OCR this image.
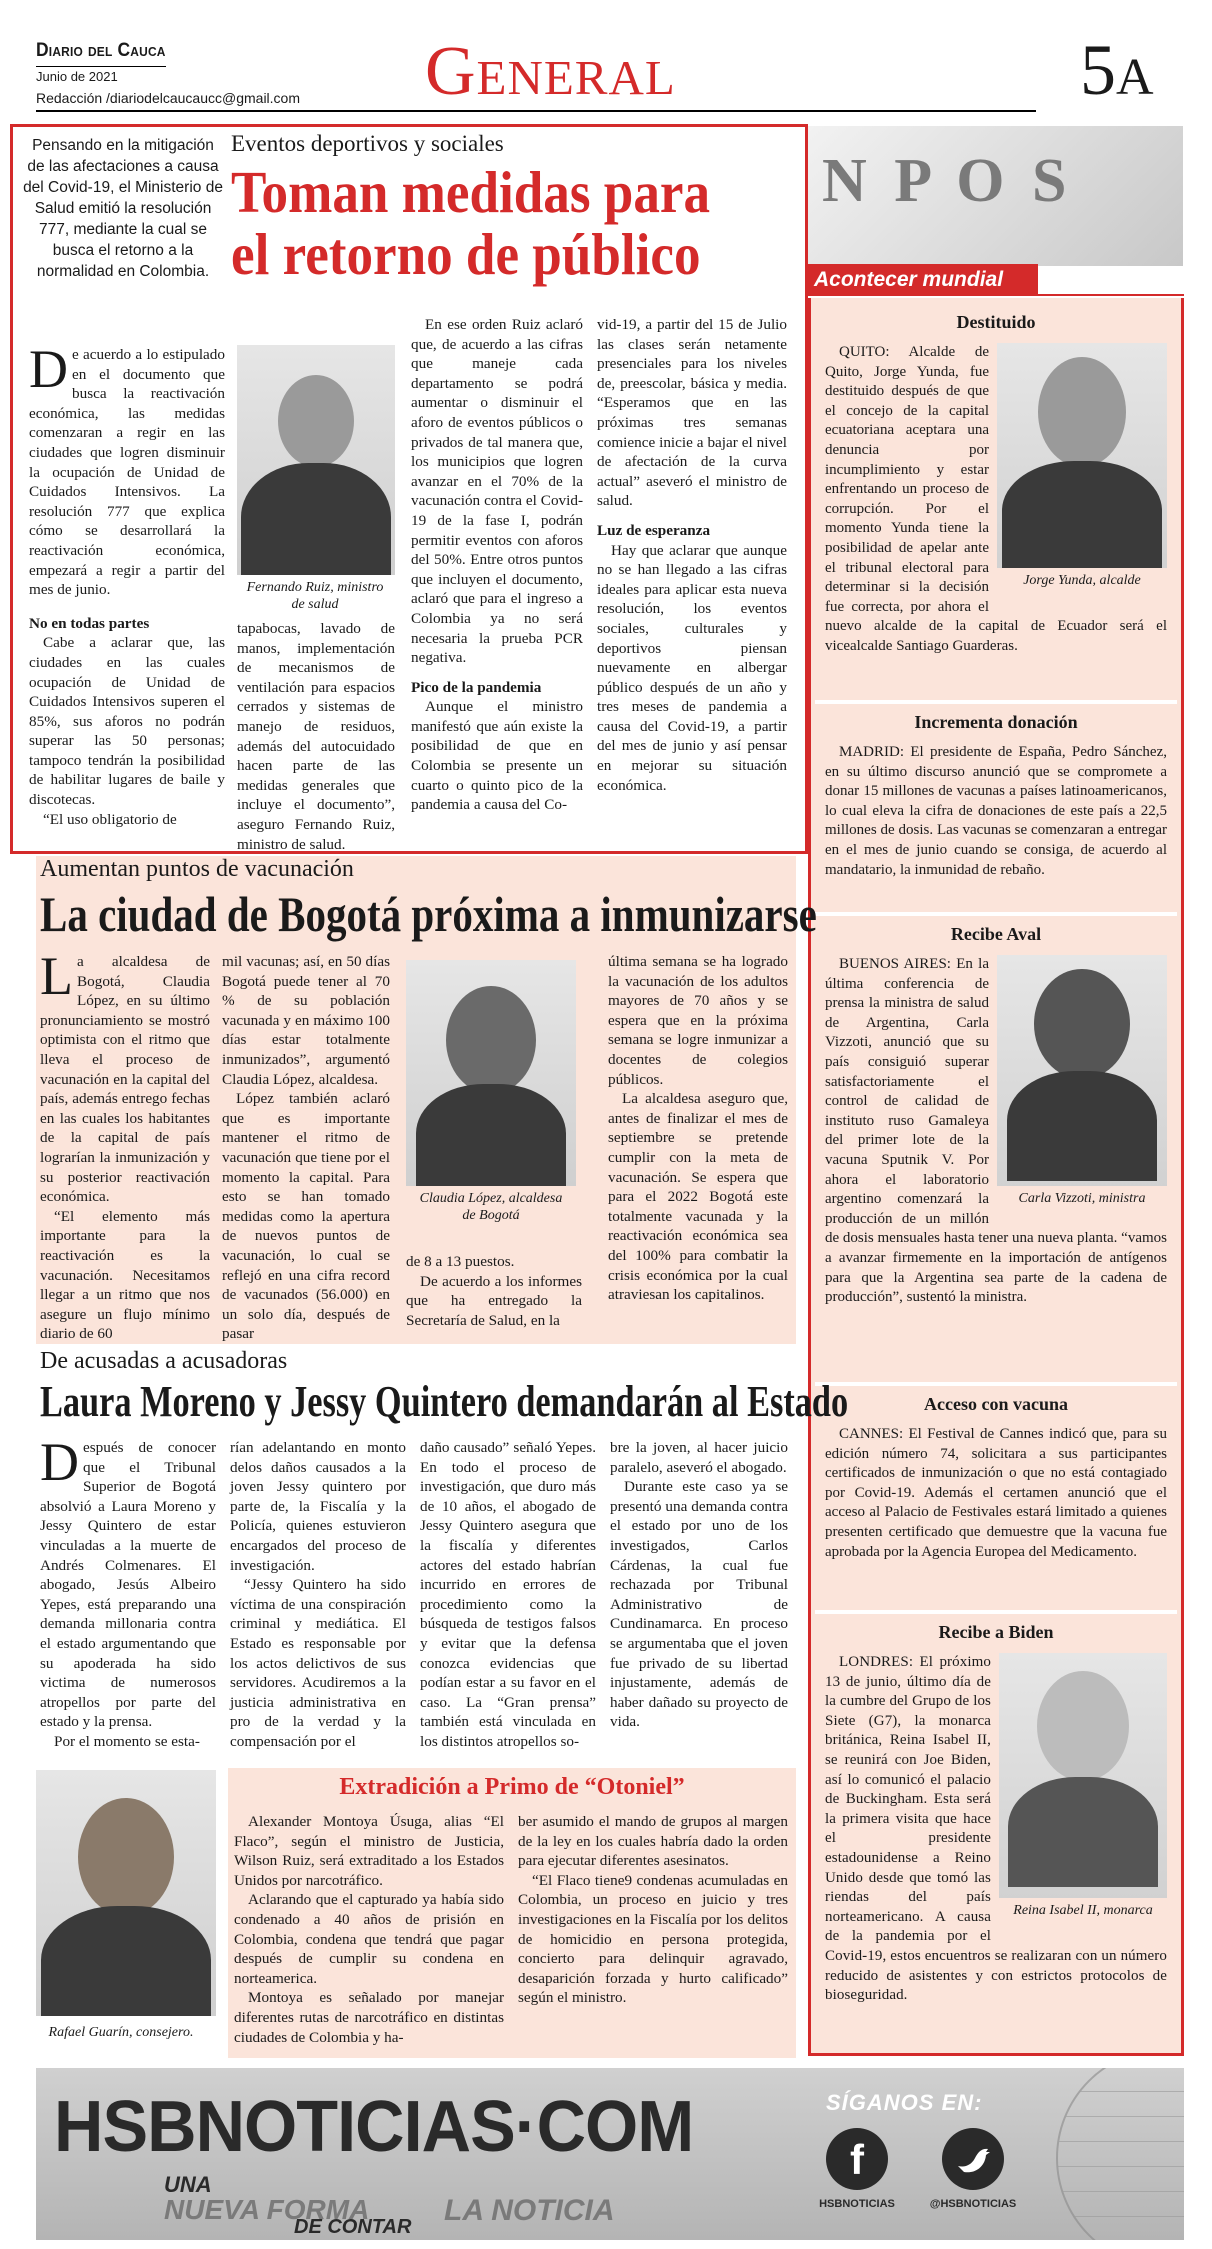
Diario del Cauca
Junio de 2021
Redacción /diariodelcaucaucc@gmail.com General	5A

Pensando en la mitigación de las afectaciones a causa del Covid-19, el Ministerio de Salud emitió la resolución 777, mediante la cual se busca el retorno a la normalidad en Colombia.

Eventos deportivos y sociales
Toman medidas para el retorno de público

De acuerdo a lo estipulado en el documento que busca la reactivación económica, las medidas comenzaran a regir en las ciudades que logren disminuir la ocupación de Unidad de Cuidados Intensivos. La resolución 777 que explica cómo se desarrollará la reactivación económica, empezará a regir a partir del mes de junio.

No en todas partes

Cabe a aclarar que, las ciudades en las cuales ocupación de Unidad de Cuidados Intensivos superen el 85%, sus aforos no podrán superar las 50 personas; tampoco tendrán la posibilidad de habilitar lugares de baile y discotecas.

“El uso obligatorio de

Fernando Ruiz, ministro de salud

tapabocas, lavado de manos, implementación de mecanismos de ventilación para espacios cerrados y sistemas de manejo de residuos, además del autocuidado hacen parte de las medidas generales que incluye el documento”, aseguro Fernando Ruiz, ministro de salud.

En ese orden Ruiz aclaró que, de acuerdo a las cifras que maneje cada departamento se podrá aumentar o disminuir el aforo de eventos públicos o privados de tal manera que, los municipios que logren avanzar en el 70% de la vacunación contra el Covid-19 de la fase I, podrán permitir eventos con aforos del 50%. Entre otros puntos que incluyen el documento, aclaró que para el ingreso a Colombia ya no será necesaria la prueba PCR negativa.

Pico de la pandemia

Aunque el ministro manifestó que aún existe la posibilidad de que en Colombia se presente un cuarto o quinto pico de la pandemia a causa del Co-

vid-19, a partir del 15 de Julio las clases serán netamente presenciales para los niveles de, preescolar, básica y media. “Esperamos que en las próximas tres semanas comience inicie a bajar el nivel de afectación de la curva actual” aseveró el ministro de salud.

Luz de esperanza

Hay que aclarar que aunque no se han llegado a las cifras ideales para aplicar esta nueva resolución, los eventos sociales, culturales y deportivos piensan nuevamente en albergar público después de un año y tres meses de pandemia a causa del Covid-19, a partir del mes de junio y así pensar en mejorar su situación económica.

N P O S
Acontecer mundial
Destituido
Jorge Yunda, alcalde

QUITO: Alcalde de Quito, Jorge Yunda, fue destituido después de que el concejo de la capital ecuatoriana aceptara una denuncia por incumplimiento y estar enfrentando un proceso de corrupción. Por el momento Yunda tiene la posibilidad de apelar ante el tribunal electoral para determinar si la decisión fue correcta, por ahora el nuevo alcalde de la capital de Ecuador será el vicealcalde Santiago Guarderas.

Incrementa donación

MADRID: El presidente de España, Pedro Sánchez, en su último discurso anunció que se compromete a donar 15 millones de vacunas a países latinoamericanos, lo cual eleva la cifra de donaciones de este país a 22,5 millones de dosis. Las vacunas se comenzaran a entregar en el mes de junio cuando se consiga, de acuerdo al mandatario, la inmunidad de rebaño.

Recibe Aval
Carla Vizzoti, ministra

BUENOS AIRES: En la última conferencia de prensa la ministra de salud de Argentina, Carla Vizzoti, anunció que su país consiguió superar satisfactoriamente el control de calidad de instituto ruso Gamaleya del primer lote de la vacuna Sputnik V. Por ahora el laboratorio argentino comenzará la producción de un millón de dosis mensuales hasta tener una nueva planta. “vamos a avanzar firmemente en la importación de antígenos para que la Argentina sea parte de la cadena de producción”, sustentó la ministra.

Acceso con vacuna

CANNES: El Festival de Cannes indicó que, para su edición número 74, solicitara a sus participantes certificados de inmunización o que no está contagiado por Covid-19. Además el certamen anunció que el acceso al Palacio de Festivales estará limitado a quienes presenten certificado que demuestre que la vacuna fue aprobada por la Agencia Europea del Medicamento.

Recibe a Biden
Reina Isabel II, monarca

LONDRES: El próximo 13 de junio, último día de la cumbre del Grupo de los Siete (G7), la monarca británica, Reina Isabel II, se reunirá con Joe Biden, así lo comunicó el palacio de Buckingham. Esta será la primera visita que hace el presidente estadounidense a Reino Unido desde que tomó las riendas del país norteamericano. A causa de la pandemia por el Covid-19, estos encuentros se realizaran con un número reducido de asistentes y con estrictos protocolos de bioseguridad.

Aumentan puntos de vacunación
La ciudad de Bogotá próxima a inmunizarse

La alcaldesa de Bogotá, Claudia López, en su último pronunciamiento se mostró optimista con el ritmo que lleva el proceso de vacunación en la capital del país, además entrego fechas en las cuales los habitantes de la capital de país lograrían la inmunización y su posterior reactivación económica.

“El elemento más importante para la reactivación es la vacunación. Necesitamos llegar a un ritmo que nos asegure un flujo mínimo diario de 60

mil vacunas; así, en 50 días Bogotá puede tener al 70 % de su población vacunada y en máximo 100 días estar totalmente inmunizados”, argumentó Claudia López, alcaldesa.

López también aclaró que es importante mantener el ritmo de vacunación que tiene por el momento la capital. Para esto se han tomado medidas como la apertura de nuevos puntos de vacunación, lo cual se reflejó en una cifra record de vacunados (56.000) en un solo día, después de pasar

Claudia López, alcaldesa de Bogotá

de 8 a 13 puestos.

De acuerdo a los informes que ha entregado la Secretaría de Salud, en la

última semana se ha logrado la vacunación de los adultos mayores de 70 años y se espera que en la próxima semana se logre inmunizar a docentes de colegios públicos.

La alcaldesa aseguro que, antes de finalizar el mes de septiembre se pretende cumplir con la meta de vacunación. Se espera que para el 2022 Bogotá este totalmente vacunada y la reactivación económica sea del 100% para combatir la crisis económica por la cual atraviesan los capitalinos.

De acusadas a acusadoras
Laura Moreno y Jessy Quintero demandarán al Estado

Después de conocer que el Tribunal Superior de Bogotá absolvió a Laura Moreno y Jessy Quintero de estar vinculadas a la muerte de Andrés Colmenares. El abogado, Jesús Albeiro Yepes, está preparando una demanda millonaria contra el estado argumentando que su apoderada ha sido victima de numerosos atropellos por parte del estado y la prensa.

Por el momento se esta-

rían adelantando en monto delos daños causados a la joven Jessy quintero por parte de, la Fiscalía y la Policía, quienes estuvieron encargados del proceso de investigación.

“Jessy Quintero ha sido víctima de una conspiración criminal y mediática. El Estado es responsable por los actos delictivos de sus servidores. Acudiremos a la justicia administrativa en pro de la verdad y la compensación por el

daño causado” señaló Yepes. En todo el proceso de investigación, que duro más de 10 años, el abogado de Jessy Quintero asegura que la fiscalía y diferentes actores del estado habrían incurrido en errores de procedimiento como la búsqueda de testigos falsos y evitar que la defensa conozca evidencias que podían estar a su favor en el caso. La “Gran prensa” también está vinculada en los distintos atropellos so-

bre la joven, al hacer juicio paralelo, aseveró el abogado.

Durante este caso ya se presentó una demanda contra el estado por uno de los investigados, Carlos Cárdenas, la cual fue rechazada por Tribunal Administrativo de Cundinamarca. En proceso se argumentaba que el joven fue privado de su libertad injustamente, además de haber dañado su proyecto de vida.

Rafael Guarín, consejero.
Extradición a Primo de “Otoniel”

Alexander Montoya Úsuga, alias “El Flaco”, según el ministro de Justicia, Wilson Ruiz, será extraditado a los Estados Unidos por narcotráfico.

Aclarando que el capturado ya había sido condenado a 40 años de prisión en Colombia, condena que tendrá que pagar después de cumplir su condena en norteamerica.

Montoya es señalado por manejar diferentes rutas de narcotráfico en distintas ciudades de Colombia y ha-

ber asumido el mando de grupos al margen de la ley en los cuales habría dado la orden para ejecutar diferentes asesinatos.

“El Flaco tiene9 condenas acumuladas en Colombia, un proceso en juicio y tres investigaciones en la Fiscalía por los delitos de homicidio en persona protegida, concierto para delinquir agravado, desaparición forzada y hurto calificado” según el ministro.

HSBNOTICIAS·COM
UNA
NUEVA FORMA
DE CONTAR LA NOTICIA
SÍGANOS EN:
f
HSBNOTICIAS	@HSBNOTICIAS
